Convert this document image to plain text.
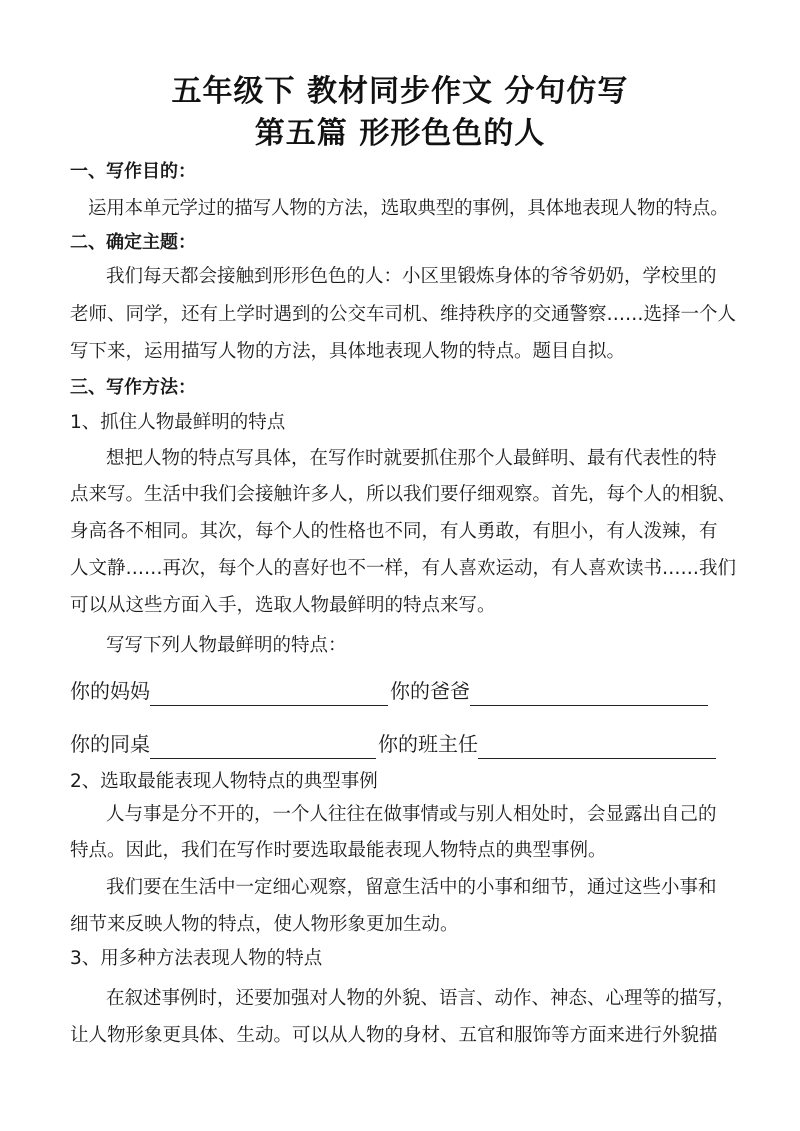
五年级下 教材同步作文 分句仿写
第五篇 形形色色的人
一、写作目的：
运用本单元学过的描写人物的方法，选取典型的事例，具体地表现人物的特点。
二、确定主题：
我们每天都会接触到形形色色的人：小区里锻炼身体的爷爷奶奶，学校里的
老师、同学，还有上学时遇到的公交车司机、维持秩序的交通警察……选择一个人
写下来，运用描写人物的方法，具体地表现人物的特点。题目自拟。
三、写作方法：
1、抓住人物最鲜明的特点
想把人物的特点写具体，在写作时就要抓住那个人最鲜明、最有代表性的特
点来写。生活中我们会接触许多人，所以我们要仔细观察。首先，每个人的相貌、
身高各不相同。其次，每个人的性格也不同，有人勇敢，有胆小，有人泼辣，有
人文静……再次，每个人的喜好也不一样，有人喜欢运动，有人喜欢读书……我们
可以从这些方面入手，选取人物最鲜明的特点来写。
写写下列人物最鲜明的特点：
你的妈妈	你的爸爸
你的同桌	你的班主任
2、选取最能表现人物特点的典型事例
人与事是分不开的，一个人往往在做事情或与别人相处时，会显露出自己的
特点。因此，我们在写作时要选取最能表现人物特点的典型事例。
我们要在生活中一定细心观察，留意生活中的小事和细节，通过这些小事和
细节来反映人物的特点，使人物形象更加生动。
3、用多种方法表现人物的特点
在叙述事例时，还要加强对人物的外貌、语言、动作、神态、心理等的描写，
让人物形象更具体、生动。可以从人物的身材、五官和服饰等方面来进行外貌描
